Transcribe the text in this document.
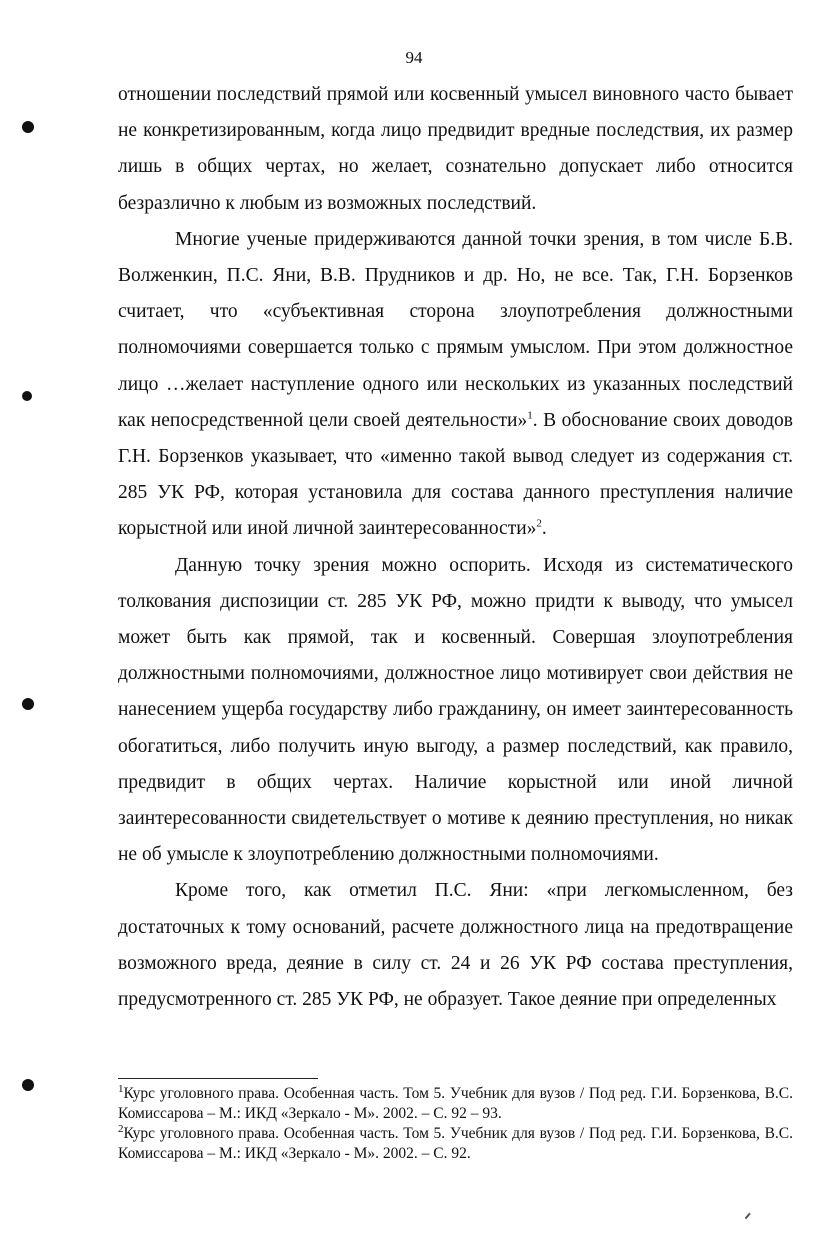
94

отношении последствий прямой или косвенный умысел виновного часто бывает не конкретизированным, когда лицо предвидит вредные последствия, их размер лишь в общих чертах, но желает, сознательно допускает либо относится безразлично к любым из возможных последствий.

Многие ученые придерживаются данной точки зрения, в том числе Б.В. Волженкин, П.С. Яни, В.В. Прудников и др. Но, не все. Так, Г.Н. Борзенков считает, что «субъективная сторона злоупотребления должностными полномочиями совершается только с прямым умыслом. При этом должностное лицо …желает наступление одного или нескольких из указанных последствий как непосредственной цели своей деятельности»$^1$. В обоснование своих доводов Г.Н. Борзенков указывает, что «именно такой вывод следует из содержания ст. 285 УК РФ, которая установила для состава данного преступления наличие корыстной или иной личной заинтересованности»$^2$.

Данную точку зрения можно оспорить. Исходя из систематического толкования диспозиции ст. 285 УК РФ, можно придти к выводу, что умысел может быть как прямой, так и косвенный. Совершая злоупотребления должностными полномочиями, должностное лицо мотивирует свои действия не нанесением ущерба государству либо гражданину, он имеет заинтересованность обогатиться, либо получить иную выгоду, а размер последствий, как правило, предвидит в общих чертах. Наличие корыстной или иной личной заинтересованности свидетельствует о мотиве к деянию преступления, но никак не об умысле к злоупотреблению должностными полномочиями.

Кроме того, как отметил П.С. Яни: «при легкомысленном, без достаточных к тому оснований, расчете должностного лица на предотвращение возможного вреда, деяние в силу ст. 24 и 26 УК РФ состава преступления, предусмотренного ст. 285 УК РФ, не образует. Такое деяние при определенных

$^1$Курс уголовного права. Особенная часть. Том 5. Учебник для вузов / Под ред. Г.И. Борзенкова, В.С. Комиссарова – М.: ИКД «Зеркало - М». 2002. – С. 92 – 93.

$^2$Курс уголовного права. Особенная часть. Том 5. Учебник для вузов / Под ред. Г.И. Борзенкова, В.С. Комиссарова – М.: ИКД «Зеркало - М». 2002. – С. 92.
